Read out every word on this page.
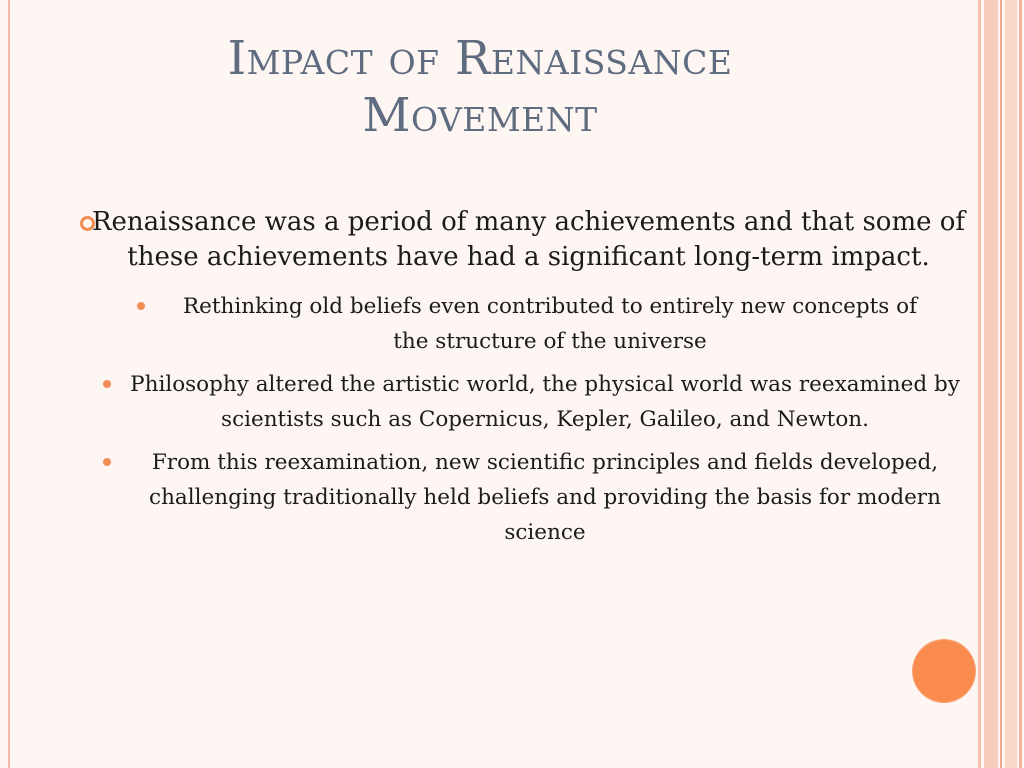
Impact of Renaissance Movement
Renaissance was a period of many achievements and that some of these achievements have had a significant long-term impact.
Rethinking old beliefs even contributed to entirely new concepts of the structure of the universe
Philosophy altered the artistic world, the physical world was reexamined by scientists such as Copernicus, Kepler, Galileo, and Newton.
From this reexamination, new scientific principles and fields developed, challenging traditionally held beliefs and providing the basis for modern science
